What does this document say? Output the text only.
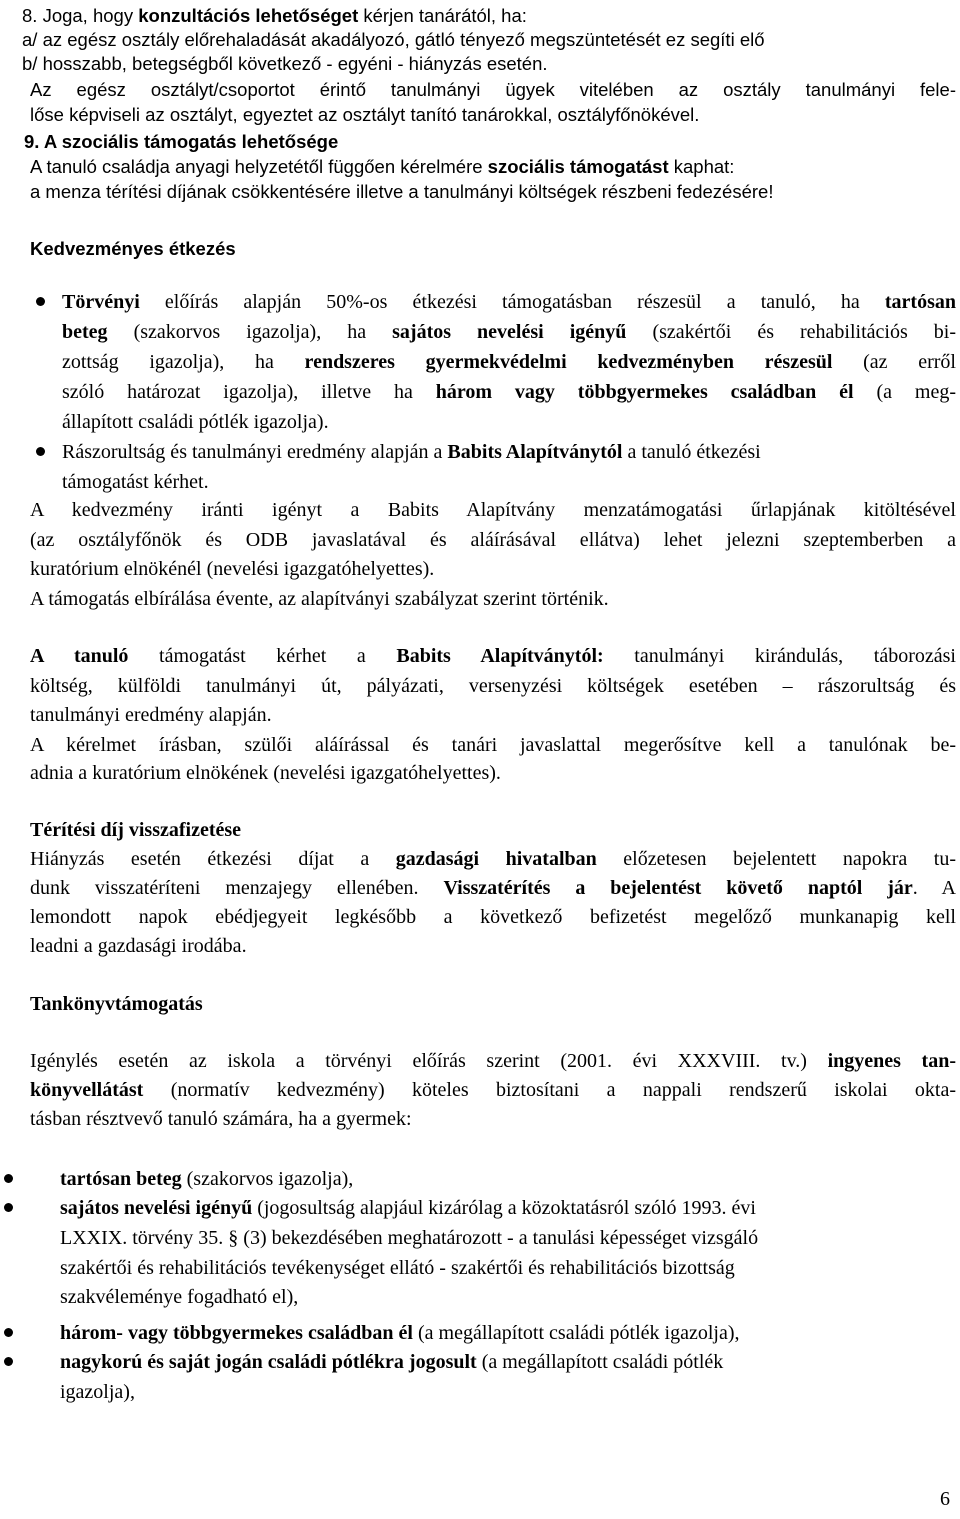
8. Joga, hogy konzultációs lehetőséget kérjen tanárától, ha:
a/ az egész osztály előrehaladását akadályozó, gátló tényező megszüntetését ez segíti elő
b/ hosszabb, betegségből következő - egyéni - hiányzás esetén.
Az egész osztályt/csoportot érintő tanulmányi ügyek vitelében az osztály tanulmányi fele-
lőse képviseli az osztályt, egyeztet az osztályt tanító tanárokkal, osztályfőnökével.
9. A szociális támogatás lehetősége
A tanuló családja anyagi helyzetétől függően kérelmére szociális támogatást kaphat:
a menza térítési díjának csökkentésére illetve a tanulmányi költségek részbeni fedezésére!
Kedvezményes étkezés
Törvényi előírás alapján 50%-os étkezési támogatásban részesül a tanuló, ha tartósan
beteg (szakorvos igazolja), ha sajátos nevelési igényű (szakértői és rehabilitációs bi-
zottság igazolja), ha rendszeres gyermekvédelmi kedvezményben részesül (az erről
szóló határozat igazolja), illetve ha három vagy többgyermekes családban él (a meg-
állapított családi pótlék igazolja).
Rászorultság és tanulmányi eredmény alapján a Babits Alapítványtól a tanuló étkezési
támogatást kérhet.
A kedvezmény iránti igényt a Babits Alapítvány menzatámogatási űrlapjának kitöltésével
(az osztályfőnök és ODB javaslatával és aláírásával ellátva) lehet jelezni szeptemberben a
kuratórium elnökénél (nevelési igazgatóhelyettes).
A támogatás elbírálása évente, az alapítványi szabályzat szerint történik.
A tanuló támogatást kérhet a Babits Alapítványtól: tanulmányi kirándulás, táborozási
költség, külföldi tanulmányi út, pályázati, versenyzési költségek esetében – rászorultság és
tanulmányi eredmény alapján.
A kérelmet írásban, szülői aláírással és tanári javaslattal megerősítve kell a tanulónak be-
adnia a kuratórium elnökének (nevelési igazgatóhelyettes).
Térítési díj visszafizetése
Hiányzás esetén étkezési díjat a gazdasági hivatalban előzetesen bejelentett napokra tu-
dunk visszatéríteni menzajegy ellenében. Visszatérítés a bejelentést követő naptól jár. A
lemondott napok ebédjegyeit legkésőbb a következő befizetést megelőző munkanapig kell
leadni a gazdasági irodába.
Tankönyvtámogatás
Igénylés esetén az iskola a törvényi előírás szerint (2001. évi XXXVIII. tv.) ingyenes tan-
könyvellátást (normatív kedvezmény) köteles biztosítani a nappali rendszerű iskolai okta-
tásban résztvevő tanuló számára, ha a gyermek:
tartósan beteg (szakorvos igazolja),
sajátos nevelési igényű (jogosultság alapjául kizárólag a közoktatásról szóló 1993. évi
LXXIX. törvény 35. § (3) bekezdésében meghatározott - a tanulási képességet vizsgáló
szakértői és rehabilitációs tevékenységet ellátó - szakértői és rehabilitációs bizottság
szakvéleménye fogadható el),
három- vagy többgyermekes családban él (a megállapított családi pótlék igazolja),
nagykorú és saját jogán családi pótlékra jogosult (a megállapított családi pótlék
igazolja),
6
